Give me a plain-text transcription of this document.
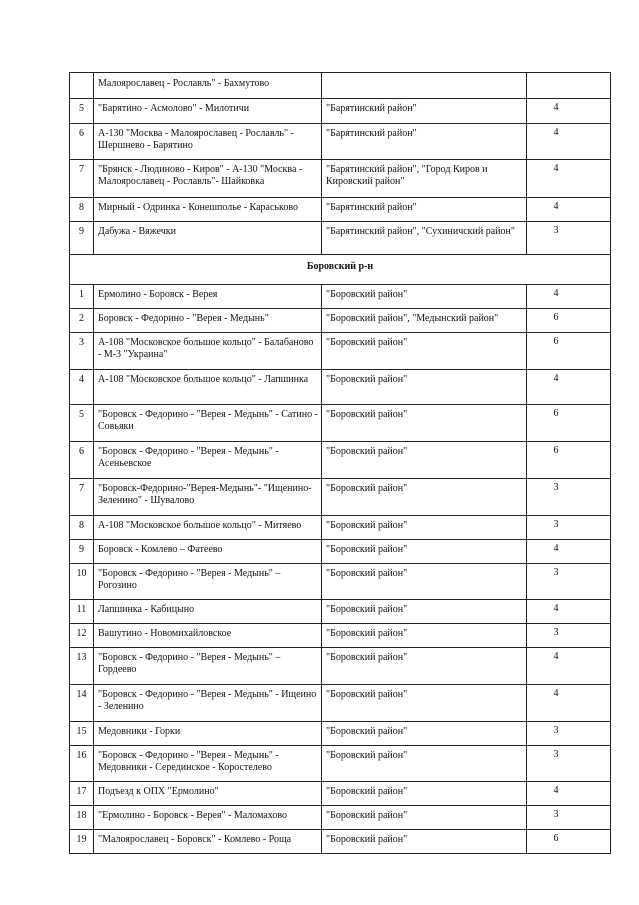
	Малоярославец - Рославль" - Бахмутово		
5	"Барятино - Асмолово" - Милотичи	"Барятинский район"	4
6	А-130 "Москва - Малоярославец - Рославль" - Шершнево - Барятино	"Барятинский район"	4
7	"Брянск - Людиново - Киров" - А-130 "Москва - Малоярославец - Рославль"- Шайковка	"Барятинский район", "Город Киров и Кировский район"	4
8	Мирный - Одринка - Конешполье - Караськово	"Барятинский район"	4
9	Дабужа - Вяжечки	"Барятинский район", "Сухиничский район"	3
Боровский р-н			
1	Ермолино - Боровск - Верея	"Боровский район"	4
2	Боровск - Федорино - "Верея - Медынь"	"Боровский район", "Медынский район"	6
3	А-108 "Московское большое кольцо" - Балабаново - М-3 "Украина"	"Боровский район"	6
4	А-108 "Московское большое кольцо" - Лапшинка	"Боровский район"	4
5	"Боровск - Федорино - "Верея - Медынь" - Сатино - Совьяки	"Боровский район"	6
6	"Боровск - Федорино - "Верея - Медынь" - Асеньевское	"Боровский район"	6
7	"Боровск-Федорино-"Верея-Медынь"- "Ищенино-Зеленино" - Шувалово	"Боровский район"	3
8	А-108 "Московское большое кольцо" - Митяево	"Боровский район"	3
9	Боровск - Комлево – Фатеево	"Боровский район"	4
10	"Боровск - Федорино - "Верея - Медынь" – Рогозино	"Боровский район"	3
11	Лапшинка - Кабицыно	"Боровский район"	4
12	Вашутино - Новомихайловское	"Боровский район"	3
13	"Боровск - Федорино - "Верея - Медынь" – Гордеево	"Боровский район"	4
14	"Боровск - Федорино - "Верея - Медынь" - Ищеино - Зеленино	"Боровский район"	4
15	Медовники - Горки	"Боровский район"	3
16	"Боровск - Федорино - "Верея - Медынь" - Медовники - Серединское - Коростелево	"Боровский район"	3
17	Подъезд к ОПХ "Ермолино"	"Боровский район"	4
18	"Ермолино - Боровск - Верея" - Маломахово	"Боровский район"	3
19	"Малоярославец - Боровск" - Комлево - Роща	"Боровский район"	6
